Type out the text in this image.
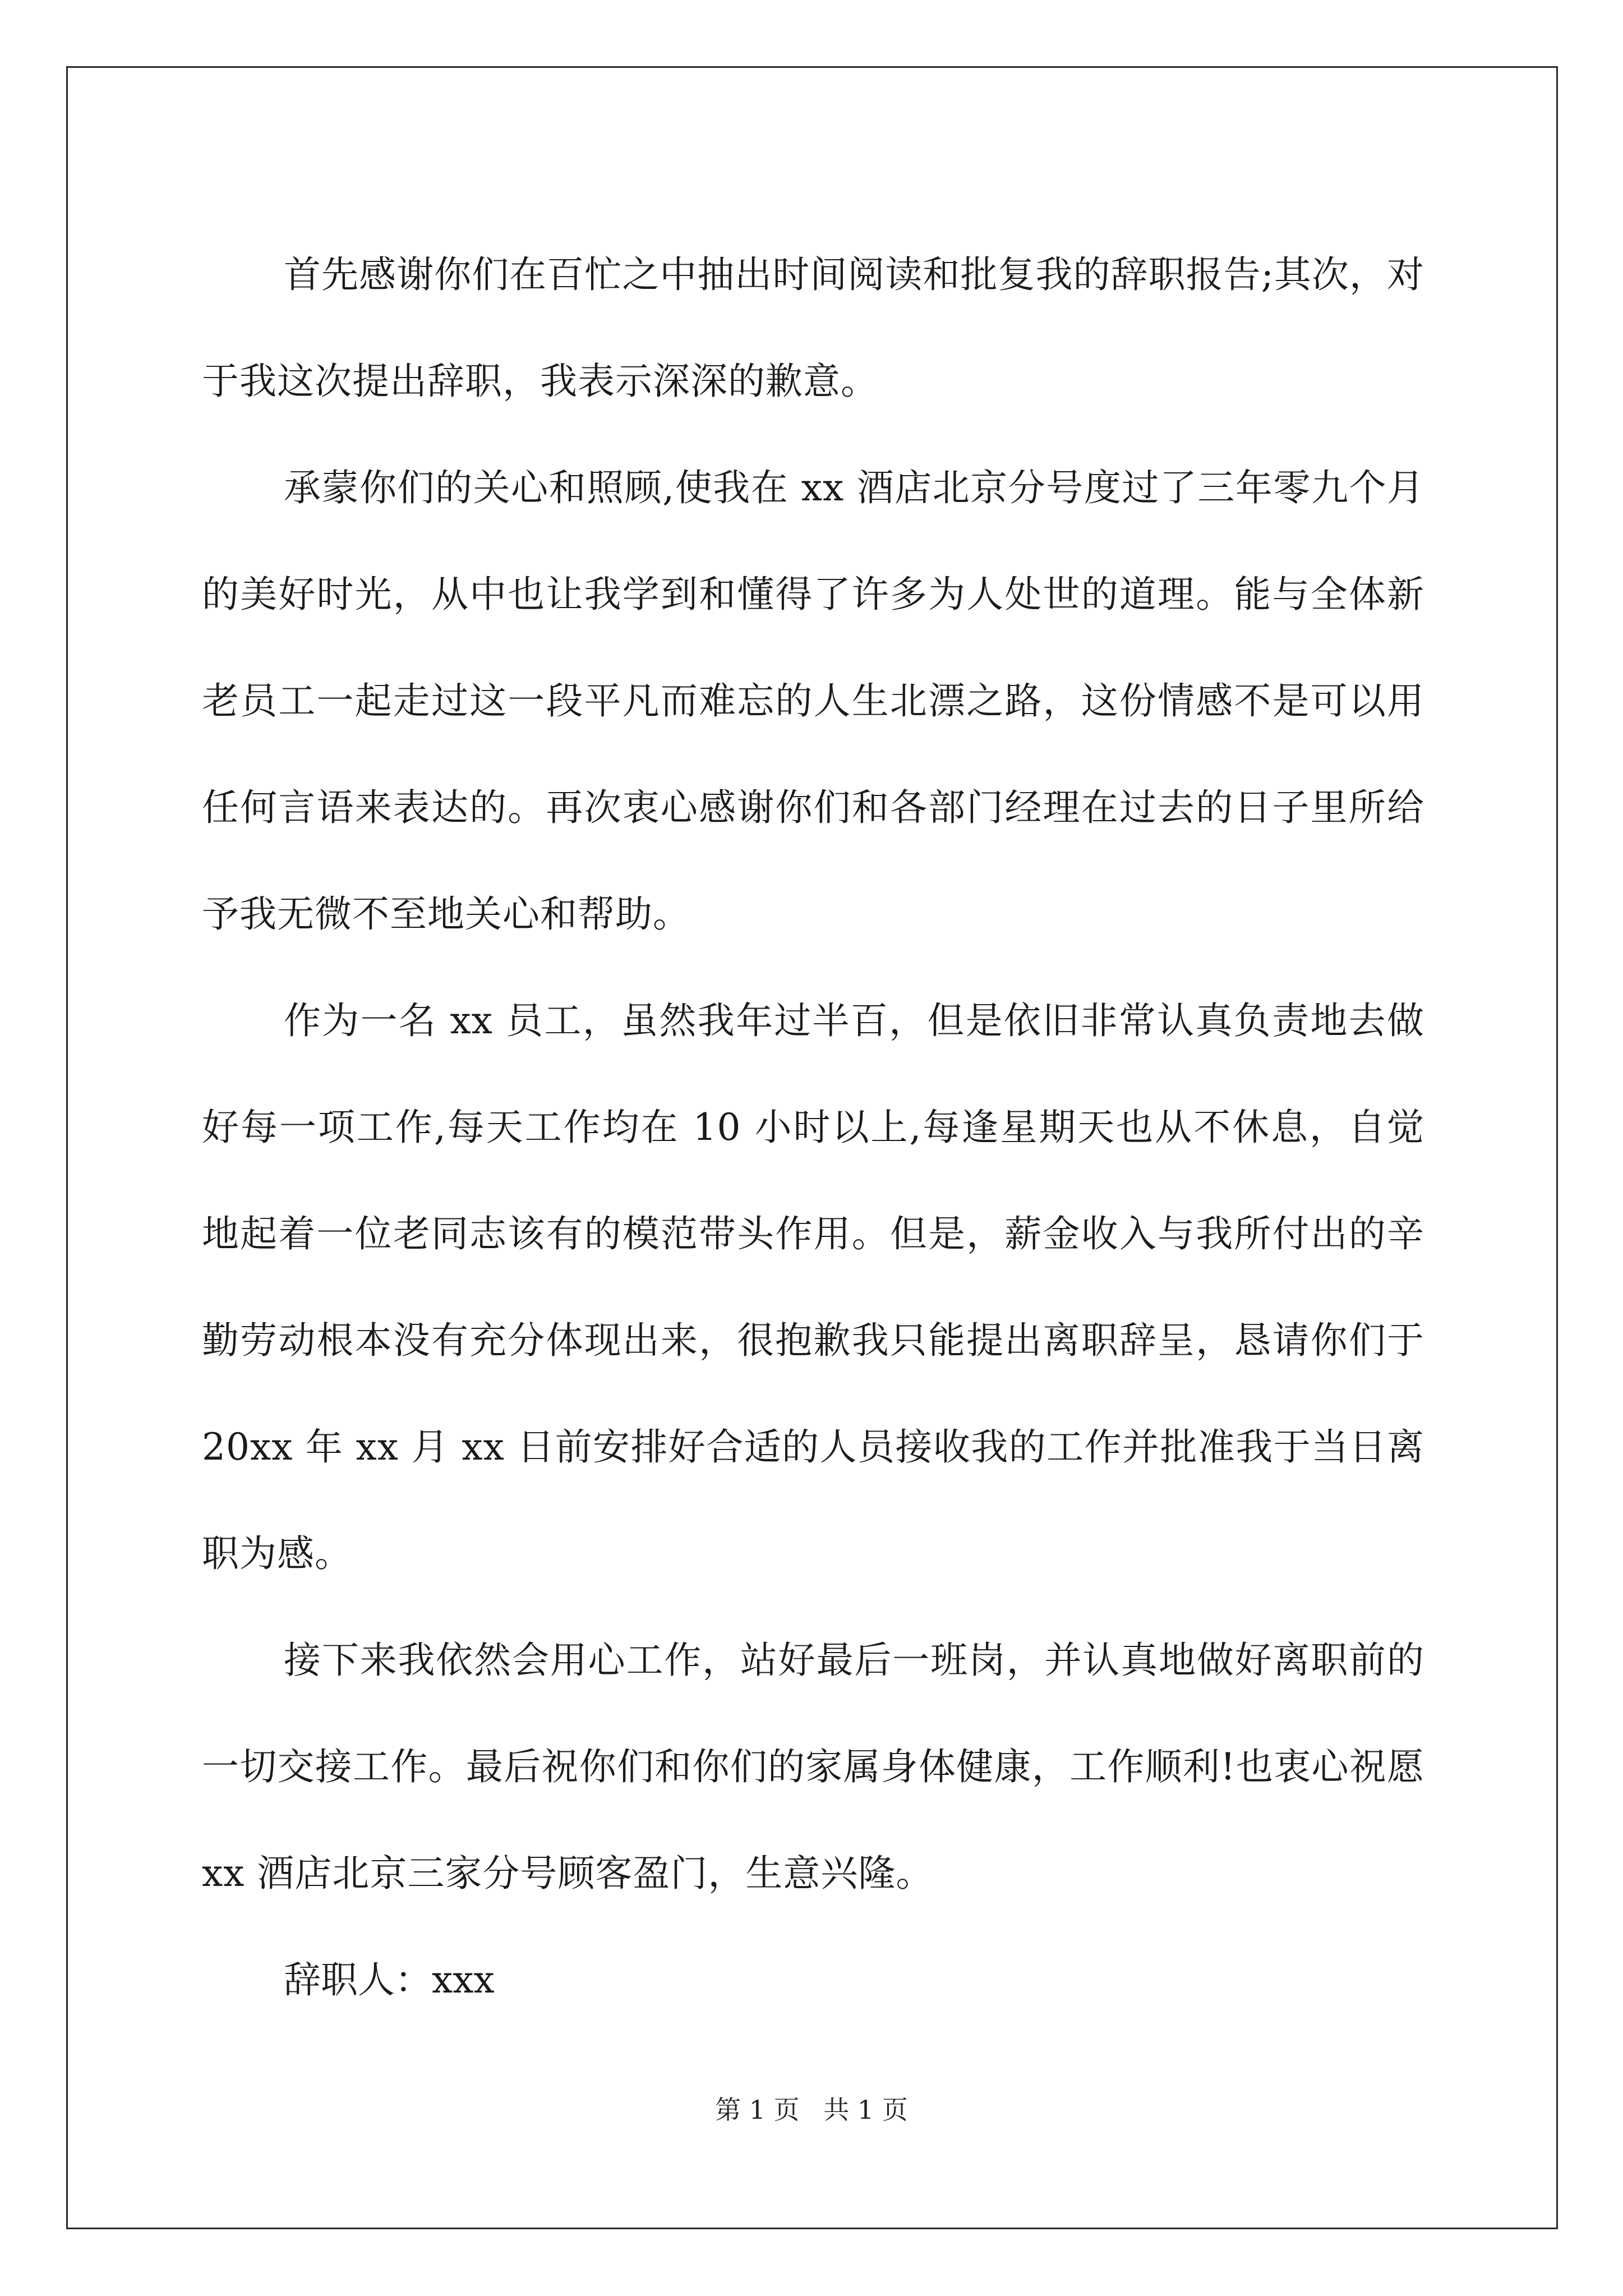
首先感谢你们在百忙之中抽出时间阅读和批复我的辞职报告;其次，对于我这次提出辞职，我表示深深的歉意。

承蒙你们的关心和照顾,使我在 xx 酒店北京分号度过了三年零九个月的美好时光，从中也让我学到和懂得了许多为人处世的道理。能与全体新老员工一起走过这一段平凡而难忘的人生北漂之路，这份情感不是可以用任何言语来表达的。再次衷心感谢你们和各部门经理在过去的日子里所给予我无微不至地关心和帮助。

作为一名 xx 员工，虽然我年过半百，但是依旧非常认真负责地去做好每一项工作,每天工作均在 10 小时以上,每逢星期天也从不休息，自觉地起着一位老同志该有的模范带头作用。但是，薪金收入与我所付出的辛勤劳动根本没有充分体现出来，很抱歉我只能提出离职辞呈，恳请你们于 20xx 年 xx 月 xx 日前安排好合适的人员接收我的工作并批准我于当日离职为感。

接下来我依然会用心工作，站好最后一班岗，并认真地做好离职前的一切交接工作。最后祝你们和你们的家属身体健康，工作顺利!也衷心祝愿 xx 酒店北京三家分号顾客盈门，生意兴隆。

辞职人：xxx

第 1 页 共 1 页
